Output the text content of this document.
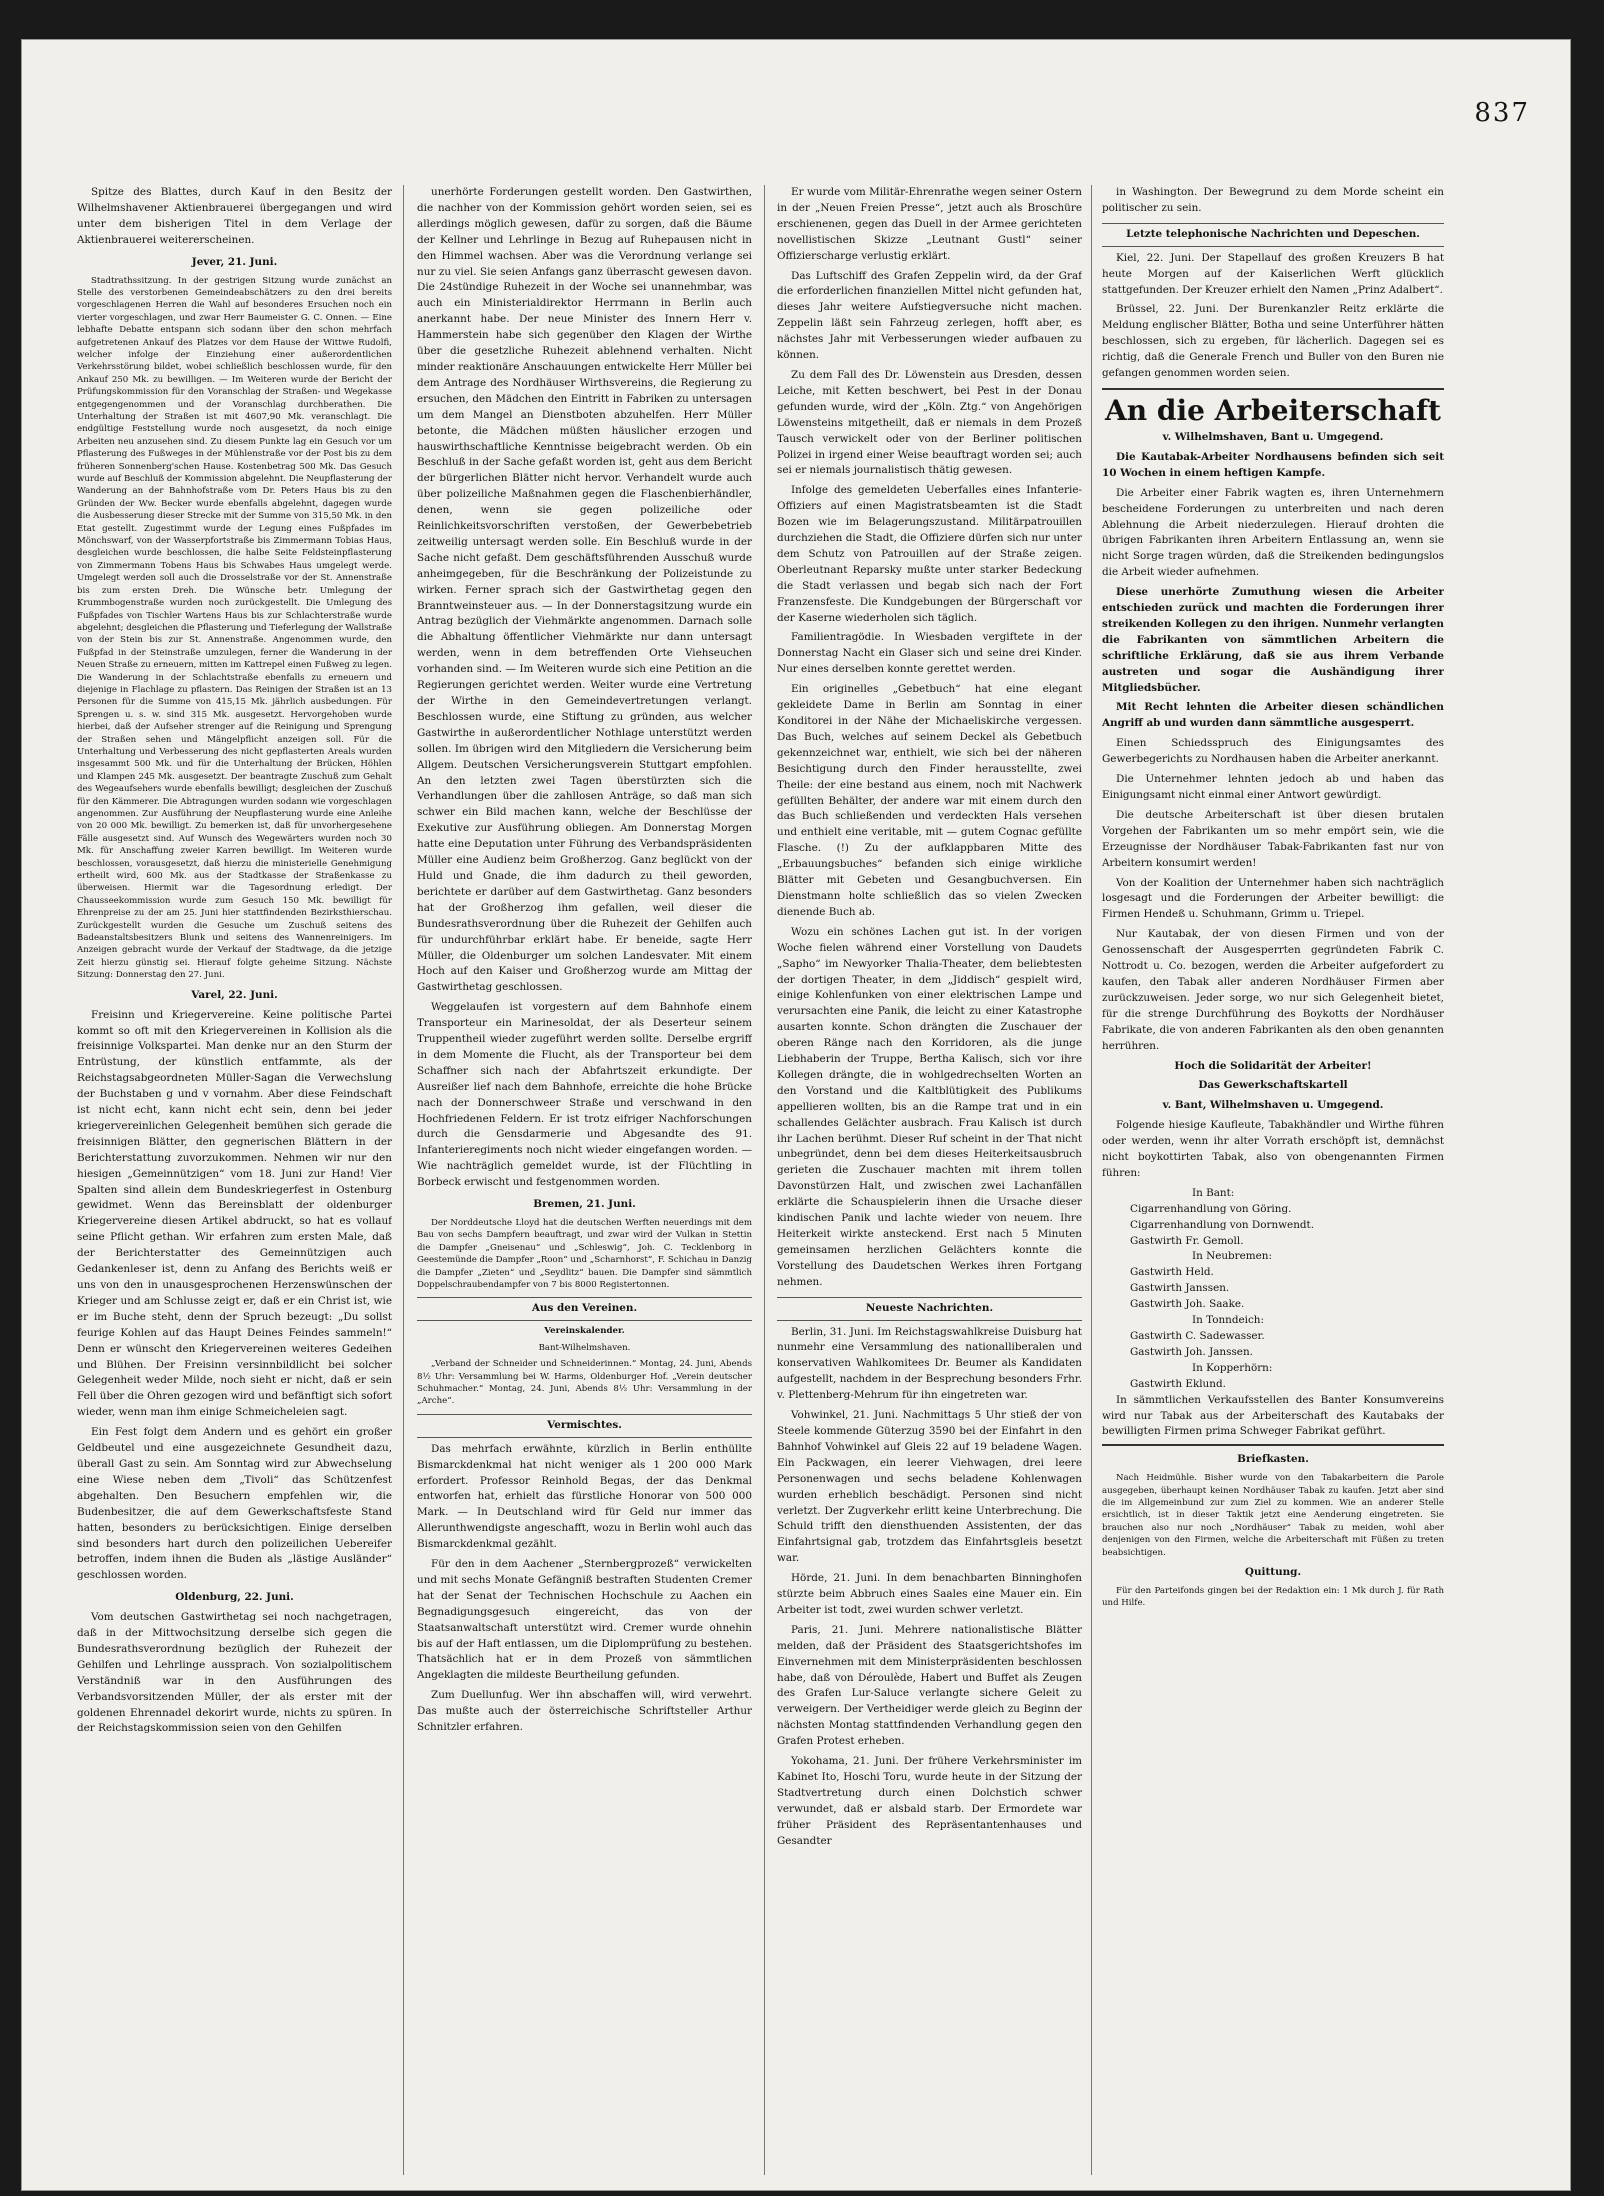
837

Spitze des Blattes, durch Kauf in den Besitz der Wilhelmshavener Aktienbrauerei übergegangen und wird unter dem bisherigen Titel in dem Verlage der Aktienbrauerei weitererscheinen.

Jever, 21. Juni.

Stadtrathssitzung. In der gestrigen Sitzung wurde zunächst an Stelle des verstorbenen Gemeindeabschätzers zu den drei bereits vorgeschlagenen Herren die Wahl auf besonderes Ersuchen noch ein vierter vorgeschlagen, und zwar Herr Baumeister G. C. Onnen. — Eine lebhafte Debatte entspann sich sodann über den schon mehrfach aufgetretenen Ankauf des Platzes vor dem Hause der Wittwe Rudolfi, welcher infolge der Einziehung einer außerordentlichen Verkehrsstörung bildet, wobei schließlich beschlossen wurde, für den Ankauf 250 Mk. zu bewilligen. — Im Weiteren wurde der Bericht der Prüfungskommission für den Voranschlag der Straßen- und Wegekasse entgegengenommen und der Voranschlag durchberathen. Die Unterhaltung der Straßen ist mit 4607,90 Mk. veranschlagt. Die endgültige Feststellung wurde noch ausgesetzt, da noch einige Arbeiten neu anzusehen sind. Zu diesem Punkte lag ein Gesuch vor um Pflasterung des Fußweges in der Mühlenstraße vor der Post bis zu dem früheren Sonnenberg'schen Hause. Kostenbetrag 500 Mk. Das Gesuch wurde auf Beschluß der Kommission abgelehnt. Die Neupflasterung der Wanderung an der Bahnhofstraße vom Dr. Peters Haus bis zu den Gründen der Ww. Becker wurde ebenfalls abgelehnt, dagegen wurde die Ausbesserung dieser Strecke mit der Summe von 315,50 Mk. in den Etat gestellt. Zugestimmt wurde der Legung eines Fußpfades im Mönchswarf, von der Wasserpfortstraße bis Zimmermann Tobias Haus, desgleichen wurde beschlossen, die halbe Seite Feldsteinpflasterung von Zimmermann Tobens Haus bis Schwabes Haus umgelegt werde. Umgelegt werden soll auch die Drosselstraße vor der St. Annenstraße bis zum ersten Dreh. Die Wünsche betr. Umlegung der Krummbogenstraße wurden noch zurückgestellt. Die Umlegung des Fußpfades von Tischler Wartens Haus bis zur Schlachterstraße wurde abgelehnt; desgleichen die Pflasterung und Tieferlegung der Wallstraße von der Stein bis zur St. Annenstraße. Angenommen wurde, den Fußpfad in der Steinstraße umzulegen, ferner die Wanderung in der Neuen Straße zu erneuern, mitten im Kattrepel einen Fußweg zu legen. Die Wanderung in der Schlachtstraße ebenfalls zu erneuern und diejenige in Flachlage zu pflastern. Das Reinigen der Straßen ist an 13 Personen für die Summe von 415,15 Mk. jährlich ausbedungen. Für Sprengen u. s. w. sind 315 Mk. ausgesetzt. Hervorgehoben wurde hierbei, daß der Aufseher strenger auf die Reinigung und Sprengung der Straßen sehen und Mängelpflicht anzeigen soll. Für die Unterhaltung und Verbesserung des nicht gepflasterten Areals wurden insgesammt 500 Mk. und für die Unterhaltung der Brücken, Höhlen und Klampen 245 Mk. ausgesetzt. Der beantragte Zuschuß zum Gehalt des Wegeaufsehers wurde ebenfalls bewilligt; desgleichen der Zuschuß für den Kämmerer. Die Abtragungen wurden sodann wie vorgeschlagen angenommen. Zur Ausführung der Neupflasterung wurde eine Anleihe von 20 000 Mk. bewilligt. Zu bemerken ist, daß für unvorhergesehene Fälle ausgesetzt sind. Auf Wunsch des Wegewärters wurden noch 30 Mk. für Anschaffung zweier Karren bewilligt. Im Weiteren wurde beschlossen, vorausgesetzt, daß hierzu die ministerielle Genehmigung ertheilt wird, 600 Mk. aus der Stadtkasse der Straßenkasse zu überweisen. Hiermit war die Tagesordnung erledigt. Der Chausseekommission wurde zum Gesuch 150 Mk. bewilligt für Ehrenpreise zu der am 25. Juni hier stattfindenden Bezirksthierschau. Zurückgestellt wurden die Gesuche um Zuschuß seitens des Badeanstaltsbesitzers Blunk und seitens des Wannenreinigers. Im Anzeigen gebracht wurde der Verkauf der Stadtwage, da die jetzige Zeit hierzu günstig sei. Hierauf folgte geheime Sitzung. Nächste Sitzung: Donnerstag den 27. Juni.

Varel, 22. Juni.

Freisinn und Kriegervereine. Keine politische Partei kommt so oft mit den Kriegervereinen in Kollision als die freisinnige Volkspartei. Man denke nur an den Sturm der Entrüstung, der künstlich entfammte, als der Reichstagsabgeordneten Müller-Sagan die Verwechslung der Buchstaben g und v vornahm. Aber diese Feindschaft ist nicht echt, kann nicht echt sein, denn bei jeder kriegervereinlichen Gelegenheit bemühen sich gerade die freisinnigen Blätter, den gegnerischen Blättern in der Berichterstattung zuvorzukommen. Nehmen wir nur den hiesigen „Gemeinnützigen“ vom 18. Juni zur Hand! Vier Spalten sind allein dem Bundeskriegerfest in Ostenburg gewidmet. Wenn das Bereinsblatt der oldenburger Kriegervereine diesen Artikel abdruckt, so hat es vollauf seine Pflicht gethan. Wir erfahren zum ersten Male, daß der Berichterstatter des Gemeinnützigen auch Gedankenleser ist, denn zu Anfang des Berichts weiß er uns von den in unausgesprochenen Herzenswünschen der Krieger und am Schlusse zeigt er, daß er ein Christ ist, wie er im Buche steht, denn der Spruch bezeugt: „Du sollst feurige Kohlen auf das Haupt Deines Feindes sammeln!“ Denn er wünscht den Kriegervereinen weiteres Gedeihen und Blühen. Der Freisinn versinnbildlicht bei solcher Gelegenheit weder Milde, noch sieht er nicht, daß er sein Fell über die Ohren gezogen wird und befänftigt sich sofort wieder, wenn man ihm einige Schmeicheleien sagt.

Ein Fest folgt dem Andern und es gehört ein großer Geldbeutel und eine ausgezeichnete Gesundheit dazu, überall Gast zu sein. Am Sonntag wird zur Abwechselung eine Wiese neben dem „Tivoli“ das Schützenfest abgehalten. Den Besuchern empfehlen wir, die Budenbesitzer, die auf dem Gewerkschaftsfeste Stand hatten, besonders zu berücksichtigen. Einige derselben sind besonders hart durch den polizeilichen Uebereifer betroffen, indem ihnen die Buden als „lästige Ausländer“ geschlossen worden.

Oldenburg, 22. Juni.

Vom deutschen Gastwirthetag sei noch nachgetragen, daß in der Mittwochsitzung derselbe sich gegen die Bundesrathsverordnung bezüglich der Ruhezeit der Gehilfen und Lehrlinge aussprach. Von sozialpolitischem Verständniß war in den Ausführungen des Verbandsvorsitzenden Müller, der als erster mit der goldenen Ehrennadel dekorirt wurde, nichts zu spüren. In der Reichstagskommission seien von den Gehilfen

unerhörte Forderungen gestellt worden. Den Gastwirthen, die nachher von der Kommission gehört worden seien, sei es allerdings möglich gewesen, dafür zu sorgen, daß die Bäume der Kellner und Lehrlinge in Bezug auf Ruhepausen nicht in den Himmel wachsen. Aber was die Verordnung verlange sei nur zu viel. Sie seien Anfangs ganz überrascht gewesen davon. Die 24stündige Ruhezeit in der Woche sei unannehmbar, was auch ein Ministerialdirektor Herrmann in Berlin auch anerkannt habe. Der neue Minister des Innern Herr v. Hammerstein habe sich gegenüber den Klagen der Wirthe über die gesetzliche Ruhezeit ablehnend verhalten. Nicht minder reaktionäre Anschauungen entwickelte Herr Müller bei dem Antrage des Nordhäuser Wirthsvereins, die Regierung zu ersuchen, den Mädchen den Eintritt in Fabriken zu untersagen um dem Mangel an Dienstboten abzuhelfen. Herr Müller betonte, die Mädchen müßten häuslicher erzogen und hauswirthschaftliche Kenntnisse beigebracht werden. Ob ein Beschluß in der Sache gefaßt worden ist, geht aus dem Bericht der bürgerlichen Blätter nicht hervor. Verhandelt wurde auch über polizeiliche Maßnahmen gegen die Flaschenbierhändler, denen, wenn sie gegen polizeiliche oder Reinlichkeitsvorschriften verstoßen, der Gewerbebetrieb zeitweilig untersagt werden solle. Ein Beschluß wurde in der Sache nicht gefaßt. Dem geschäftsführenden Ausschuß wurde anheimgegeben, für die Beschränkung der Polizeistunde zu wirken. Ferner sprach sich der Gastwirthetag gegen den Branntweinsteuer aus. — In der Donnerstagsitzung wurde ein Antrag bezüglich der Viehmärkte angenommen. Darnach solle die Abhaltung öffentlicher Viehmärkte nur dann untersagt werden, wenn in dem betreffenden Orte Viehseuchen vorhanden sind. — Im Weiteren wurde sich eine Petition an die Regierungen gerichtet werden. Weiter wurde eine Vertretung der Wirthe in den Gemeindevertretungen verlangt. Beschlossen wurde, eine Stiftung zu gründen, aus welcher Gastwirthe in außerordentlicher Nothlage unterstützt werden sollen. Im übrigen wird den Mitgliedern die Versicherung beim Allgem. Deutschen Versicherungsverein Stuttgart empfohlen. An den letzten zwei Tagen überstürzten sich die Verhandlungen über die zahllosen Anträge, so daß man sich schwer ein Bild machen kann, welche der Beschlüsse der Exekutive zur Ausführung obliegen. Am Donnerstag Morgen hatte eine Deputation unter Führung des Verbandspräsidenten Müller eine Audienz beim Großherzog. Ganz beglückt von der Huld und Gnade, die ihm dadurch zu theil geworden, berichtete er darüber auf dem Gastwirthetag. Ganz besonders hat der Großherzog ihm gefallen, weil dieser die Bundesrathsverordnung über die Ruhezeit der Gehilfen auch für undurchführbar erklärt habe. Er beneide, sagte Herr Müller, die Oldenburger um solchen Landesvater. Mit einem Hoch auf den Kaiser und Großherzog wurde am Mittag der Gastwirthetag geschlossen.

Weggelaufen ist vorgestern auf dem Bahnhofe einem Transporteur ein Marinesoldat, der als Deserteur seinem Truppentheil wieder zugeführt werden sollte. Derselbe ergriff in dem Momente die Flucht, als der Transporteur bei dem Schaffner sich nach der Abfahrtszeit erkundigte. Der Ausreißer lief nach dem Bahnhofe, erreichte die hohe Brücke nach der Donnerschweer Straße und verschwand in den Hochfriedenen Feldern. Er ist trotz eifriger Nachforschungen durch die Gensdarmerie und Abgesandte des 91. Infanterieregiments noch nicht wieder eingefangen worden. — Wie nachträglich gemeldet wurde, ist der Flüchtling in Borbeck erwischt und festgenommen worden.

Bremen, 21. Juni.

Der Norddeutsche Lloyd hat die deutschen Werften neuerdings mit dem Bau von sechs Dampfern beauftragt, und zwar wird der Vulkan in Stettin die Dampfer „Gneisenau“ und „Schleswig“, Joh. C. Tecklenborg in Geestemünde die Dampfer „Roon“ und „Scharnhorst“, F. Schichau in Danzig die Dampfer „Zieten“ und „Seydlitz“ bauen. Die Dampfer sind sämmtlich Doppelschraubendampfer von 7 bis 8000 Registertonnen.

Aus den Vereinen.

Vereinskalender.

Bant-Wilhelmshaven.

„Verband der Schneider und Schneiderinnen.“ Montag, 24. Juni, Abends 8½ Uhr: Versammlung bei W. Harms, Oldenburger Hof. „Verein deutscher Schuhmacher.“ Montag, 24. Juni, Abends 8½ Uhr: Versammlung in der „Arche“.

Vermischtes.

Das mehrfach erwähnte, kürzlich in Berlin enthüllte Bismarckdenkmal hat nicht weniger als 1 200 000 Mark erfordert. Professor Reinhold Begas, der das Denkmal entworfen hat, erhielt das fürstliche Honorar von 500 000 Mark. — In Deutschland wird für Geld nur immer das Allerunthwendigste angeschafft, wozu in Berlin wohl auch das Bismarckdenkmal gezählt.

Für den in dem Aachener „Sternbergprozeß“ verwickelten und mit sechs Monate Gefängniß bestraften Studenten Cremer hat der Senat der Technischen Hochschule zu Aachen ein Begnadigungsgesuch eingereicht, das von der Staatsanwaltschaft unterstützt wird. Cremer wurde ohnehin bis auf der Haft entlassen, um die Diplomprüfung zu bestehen. Thatsächlich hat er in dem Prozeß von sämmtlichen Angeklagten die mildeste Beurtheilung gefunden.

Zum Duellunfug. Wer ihn abschaffen will, wird verwehrt. Das mußte auch der österreichische Schriftsteller Arthur Schnitzler erfahren.

Er wurde vom Militär-Ehrenrathe wegen seiner Ostern in der „Neuen Freien Presse“, jetzt auch als Broschüre erschienenen, gegen das Duell in der Armee gerichteten novellistischen Skizze „Leutnant Gustl“ seiner Offizierscharge verlustig erklärt.

Das Luftschiff des Grafen Zeppelin wird, da der Graf die erforderlichen finanziellen Mittel nicht gefunden hat, dieses Jahr weitere Aufstiegversuche nicht machen. Zeppelin läßt sein Fahrzeug zerlegen, hofft aber, es nächstes Jahr mit Verbesserungen wieder aufbauen zu können.

Zu dem Fall des Dr. Löwenstein aus Dresden, dessen Leiche, mit Ketten beschwert, bei Pest in der Donau gefunden wurde, wird der „Köln. Ztg.“ von Angehörigen Löwensteins mitgetheilt, daß er niemals in dem Prozeß Tausch verwickelt oder von der Berliner politischen Polizei in irgend einer Weise beauftragt worden sei; auch sei er niemals journalistisch thätig gewesen.

Infolge des gemeldeten Ueberfalles eines Infanterie-Offiziers auf einen Magistratsbeamten ist die Stadt Bozen wie im Belagerungszustand. Militärpatrouillen durchziehen die Stadt, die Offiziere dürfen sich nur unter dem Schutz von Patrouillen auf der Straße zeigen. Oberleutnant Reparsky mußte unter starker Bedeckung die Stadt verlassen und begab sich nach der Fort Franzensfeste. Die Kundgebungen der Bürgerschaft vor der Kaserne wiederholen sich täglich.

Familientragödie. In Wiesbaden vergiftete in der Donnerstag Nacht ein Glaser sich und seine drei Kinder. Nur eines derselben konnte gerettet werden.

Ein originelles „Gebetbuch“ hat eine elegant gekleidete Dame in Berlin am Sonntag in einer Konditorei in der Nähe der Michaeliskirche vergessen. Das Buch, welches auf seinem Deckel als Gebetbuch gekennzeichnet war, enthielt, wie sich bei der näheren Besichtigung durch den Finder herausstellte, zwei Theile: der eine bestand aus einem, noch mit Nachwerk gefüllten Behälter, der andere war mit einem durch den das Buch schließenden und verdeckten Hals versehen und enthielt eine veritable, mit — gutem Cognac gefüllte Flasche. (!) Zu der aufklappbaren Mitte des „Erbauungsbuches“ befanden sich einige wirkliche Blätter mit Gebeten und Gesangbuchversen. Ein Dienstmann holte schließlich das so vielen Zwecken dienende Buch ab.

Wozu ein schönes Lachen gut ist. In der vorigen Woche fielen während einer Vorstellung von Daudets „Sapho“ im Newyorker Thalia-Theater, dem beliebtesten der dortigen Theater, in dem „Jiddisch“ gespielt wird, einige Kohlenfunken von einer elektrischen Lampe und verursachten eine Panik, die leicht zu einer Katastrophe ausarten konnte. Schon drängten die Zuschauer der oberen Ränge nach den Korridoren, als die junge Liebhaberin der Truppe, Bertha Kalisch, sich vor ihre Kollegen drängte, die in wohlgedrechselten Worten an den Vorstand und die Kaltblütigkeit des Publikums appellieren wollten, bis an die Rampe trat und in ein schallendes Gelächter ausbrach. Frau Kalisch ist durch ihr Lachen berühmt. Dieser Ruf scheint in der That nicht unbegründet, denn bei dem dieses Heiterkeitsausbruch gerieten die Zuschauer machten mit ihrem tollen Davonstürzen Halt, und zwischen zwei Lachanfällen erklärte die Schauspielerin ihnen die Ursache dieser kindischen Panik und lachte wieder von neuem. Ihre Heiterkeit wirkte ansteckend. Erst nach 5 Minuten gemeinsamen herzlichen Gelächters konnte die Vorstellung des Daudetschen Werkes ihren Fortgang nehmen.

Neueste Nachrichten.

Berlin, 31. Juni. Im Reichstagswahlkreise Duisburg hat nunmehr eine Versammlung des nationalliberalen und konservativen Wahlkomitees Dr. Beumer als Kandidaten aufgestellt, nachdem in der Besprechung besonders Frhr. v. Plettenberg-Mehrum für ihn eingetreten war.

Vohwinkel, 21. Juni. Nachmittags 5 Uhr stieß der von Steele kommende Güterzug 3590 bei der Einfahrt in den Bahnhof Vohwinkel auf Gleis 22 auf 19 beladene Wagen. Ein Packwagen, ein leerer Viehwagen, drei leere Personenwagen und sechs beladene Kohlenwagen wurden erheblich beschädigt. Personen sind nicht verletzt. Der Zugverkehr erlitt keine Unterbrechung. Die Schuld trifft den diensthuenden Assistenten, der das Einfahrtsignal gab, trotzdem das Einfahrtsgleis besetzt war.

Hörde, 21. Juni. In dem benachbarten Binninghofen stürzte beim Abbruch eines Saales eine Mauer ein. Ein Arbeiter ist todt, zwei wurden schwer verletzt.

Paris, 21. Juni. Mehrere nationalistische Blätter melden, daß der Präsident des Staatsgerichtshofes im Einvernehmen mit dem Ministerpräsidenten beschlossen habe, daß von Déroulède, Habert und Buffet als Zeugen des Grafen Lur-Saluce verlangte sichere Geleit zu verweigern. Der Vertheidiger werde gleich zu Beginn der nächsten Montag stattfindenden Verhandlung gegen den Grafen Protest erheben.

Yokohama, 21. Juni. Der frühere Verkehrsminister im Kabinet Ito, Hoschi Toru, wurde heute in der Sitzung der Stadtvertretung durch einen Dolchstich schwer verwundet, daß er alsbald starb. Der Ermordete war früher Präsident des Repräsentantenhauses und Gesandter

in Washington. Der Bewegrund zu dem Morde scheint ein politischer zu sein.

Letzte telephonische Nachrichten und Depeschen.

Kiel, 22. Juni. Der Stapellauf des großen Kreuzers B hat heute Morgen auf der Kaiserlichen Werft glücklich stattgefunden. Der Kreuzer erhielt den Namen „Prinz Adalbert“.

Brüssel, 22. Juni. Der Burenkanzler Reitz erklärte die Meldung englischer Blätter, Botha und seine Unterführer hätten beschlossen, sich zu ergeben, für lächerlich. Dagegen sei es richtig, daß die Generale French und Buller von den Buren nie gefangen genommen worden seien.

An die Arbeiterschaft

v. Wilhelmshaven, Bant u. Umgegend.

Die Kautabak-Arbeiter Nordhausens befinden sich seit 10 Wochen in einem heftigen Kampfe.

Die Arbeiter einer Fabrik wagten es, ihren Unternehmern bescheidene Forderungen zu unterbreiten und nach deren Ablehnung die Arbeit niederzulegen. Hierauf drohten die übrigen Fabrikanten ihren Arbeitern Entlassung an, wenn sie nicht Sorge tragen würden, daß die Streikenden bedingungslos die Arbeit wieder aufnehmen.

Diese unerhörte Zumuthung wiesen die Arbeiter entschieden zurück und machten die Forderungen ihrer streikenden Kollegen zu den ihrigen. Nunmehr verlangten die Fabrikanten von sämmtlichen Arbeitern die schriftliche Erklärung, daß sie aus ihrem Verbande austreten und sogar die Aushändigung ihrer Mitgliedsbücher.

Mit Recht lehnten die Arbeiter diesen schändlichen Angriff ab und wurden dann sämmtliche ausgesperrt.

Einen Schiedsspruch des Einigungsamtes des Gewerbegerichts zu Nordhausen haben die Arbeiter anerkannt.

Die Unternehmer lehnten jedoch ab und haben das Einigungsamt nicht einmal einer Antwort gewürdigt.

Die deutsche Arbeiterschaft ist über diesen brutalen Vorgehen der Fabrikanten um so mehr empört sein, wie die Erzeugnisse der Nordhäuser Tabak-Fabrikanten fast nur von Arbeitern konsumirt werden!

Von der Koalition der Unternehmer haben sich nachträglich losgesagt und die Forderungen der Arbeiter bewilligt: die Firmen Hendeß u. Schuhmann, Grimm u. Triepel.

Nur Kautabak, der von diesen Firmen und von der Genossenschaft der Ausgesperrten gegründeten Fabrik C. Nottrodt u. Co. bezogen, werden die Arbeiter aufgefordert zu kaufen, den Tabak aller anderen Nordhäuser Firmen aber zurückzuweisen. Jeder sorge, wo nur sich Gelegenheit bietet, für die strenge Durchführung des Boykotts der Nordhäuser Fabrikate, die von anderen Fabrikanten als den oben genannten herrühren.

Hoch die Solidarität der Arbeiter!

Das Gewerkschaftskartell

v. Bant, Wilhelmshaven u. Umgegend.

Folgende hiesige Kaufleute, Tabakhändler und Wirthe führen oder werden, wenn ihr alter Vorrath erschöpft ist, demnächst nicht boykottirten Tabak, also von obengenannten Firmen führen:

In Bant:

Cigarrenhandlung von Göring.

Cigarrenhandlung von Dornwendt.

Gastwirth Fr. Gemoll.

In Neubremen:

Gastwirth Held.

Gastwirth Janssen.

Gastwirth Joh. Saake.

In Tonndeich:

Gastwirth C. Sadewasser.

Gastwirth Joh. Janssen.

In Kopperhörn:

Gastwirth Eklund.

In sämmtlichen Verkaufsstellen des Banter Konsumvereins wird nur Tabak aus der Arbeiterschaft des Kautabaks der bewilligten Firmen prima Schweger Fabrikat geführt.

Briefkasten.

Nach Heidmühle. Bisher wurde von den Tabakarbeitern die Parole ausgegeben, überhaupt keinen Nordhäuser Tabak zu kaufen. Jetzt aber sind die im Allgemeinbund zur zum Ziel zu kommen. Wie an anderer Stelle ersichtlich, ist in dieser Taktik jetzt eine Aenderung eingetreten. Sie brauchen also nur noch „Nordhäuser“ Tabak zu meiden, wohl aber denjenigen von den Firmen, welche die Arbeiterschaft mit Füßen zu treten beabsichtigen.

Quittung.

Für den Parteifonds gingen bei der Redaktion ein: 1 Mk durch J. für Rath und Hilfe.
